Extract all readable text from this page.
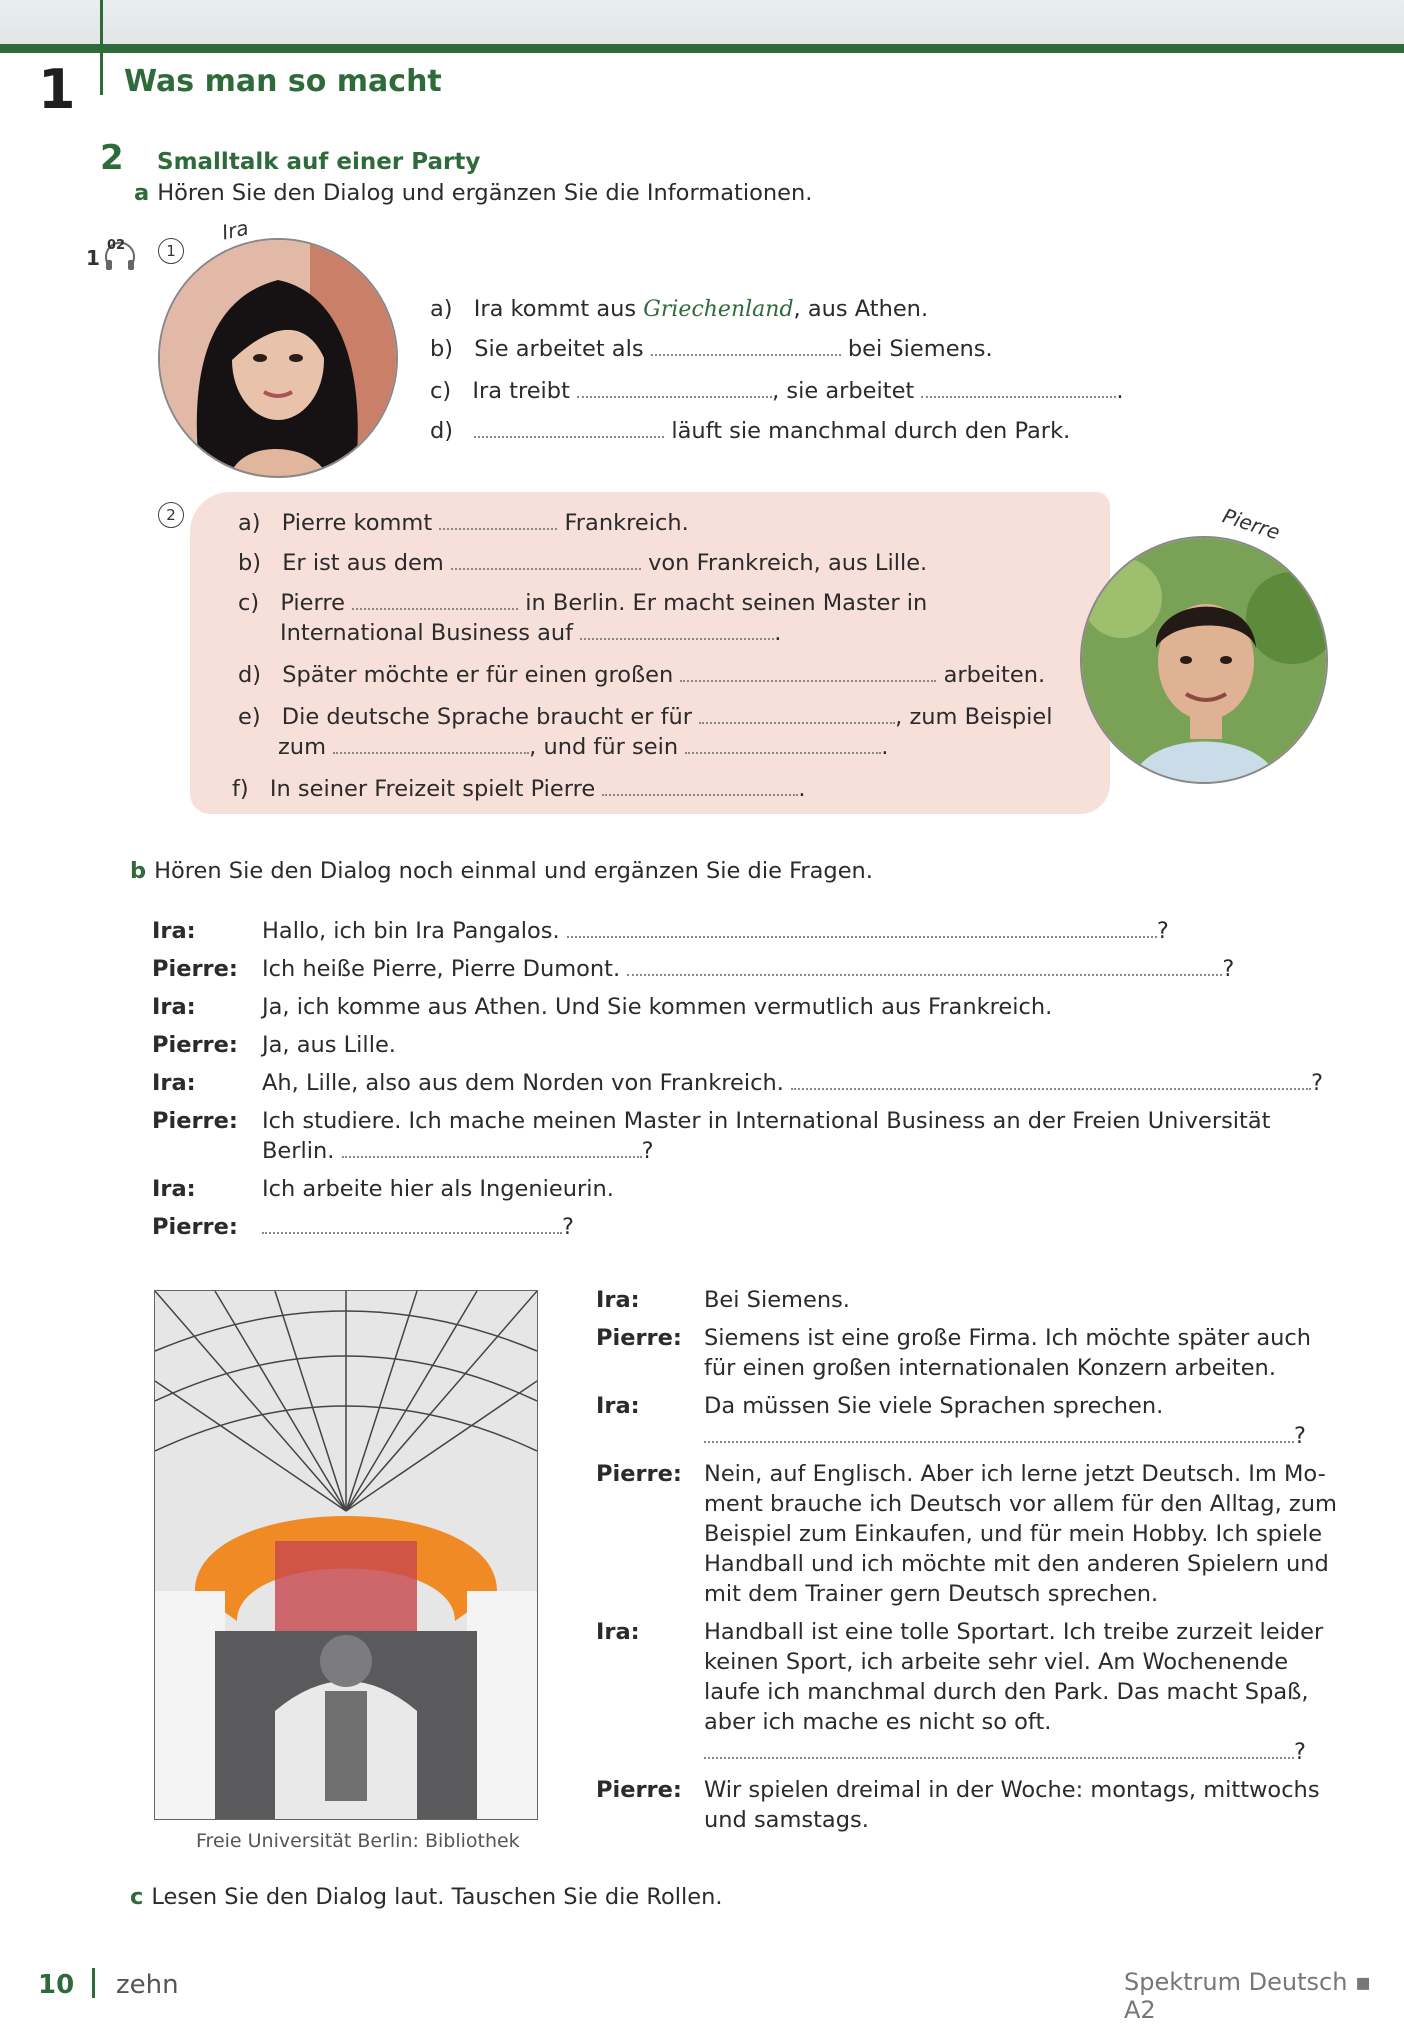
1 Was man so macht
2 Smalltalk auf einer Party
a Hören Sie den Dialog und ergänzen Sie die Informationen.
1
02	1
Ira
a) Ira kommt aus Griechenland, aus Athen.
b) Sie arbeitet als	bei Siemens.
c) Ira treibt	, sie arbeitet	.
d)	läuft sie manchmal durch den Park.
2	Pierre
a) Pierre kommt	Frankreich.
b) Er ist aus dem	von Frankreich, aus Lille.
c) Pierre	in Berlin. Er macht seinen Master in
International Business auf	.
d) Später möchte er für einen großen	arbeiten.
e) Die deutsche Sprache braucht er für	, zum Beispiel
zum	, und für sein	.
f) In seiner Freizeit spielt Pierre	.
b Hören Sie den Dialog noch einmal und ergänzen Sie die Fragen.
Ira:	Hallo, ich bin Ira Pangalos.	?
Pierre: Ich heiße Pierre, Pierre Dumont.	?
Ira:	Ja, ich komme aus Athen. Und Sie kommen vermutlich aus Frankreich.
Pierre: Ja, aus Lille.
Ira:	Ah, Lille, also aus dem Norden von Frankreich.	?
Pierre: Ich studiere. Ich mache meinen Master in International Business an der Freien Universität
Berlin.	?
Ira:	Ich arbeite hier als Ingenieurin.
Pierre:	?
Freie Universität Berlin: Bibliothek
Ira:	Bei Siemens.
Pierre: Siemens ist eine große Firma. Ich möchte später auch
für einen großen internationalen Konzern arbeiten.
Ira:	Da müssen Sie viele Sprachen sprechen.
?
Pierre: Nein, auf Englisch. Aber ich lerne jetzt Deutsch. Im Mo-
ment brauche ich Deutsch vor allem für den Alltag, zum
Beispiel zum Einkaufen, und für mein Hobby. Ich spiele
Handball und ich möchte mit den anderen Spielern und
mit dem Trainer gern Deutsch sprechen.
Ira:	Handball ist eine tolle Sportart. Ich treibe zurzeit leider
keinen Sport, ich arbeite sehr viel. Am Wochenende
laufe ich manchmal durch den Park. Das macht Spaß,
aber ich mache es nicht so oft.
?
Pierre: Wir spielen dreimal in der Woche: montags, mittwochs
und samstags.
c Lesen Sie den Dialog laut. Tauschen Sie die Rollen.
10 zehn	Spektrum Deutsch ▪ A2
